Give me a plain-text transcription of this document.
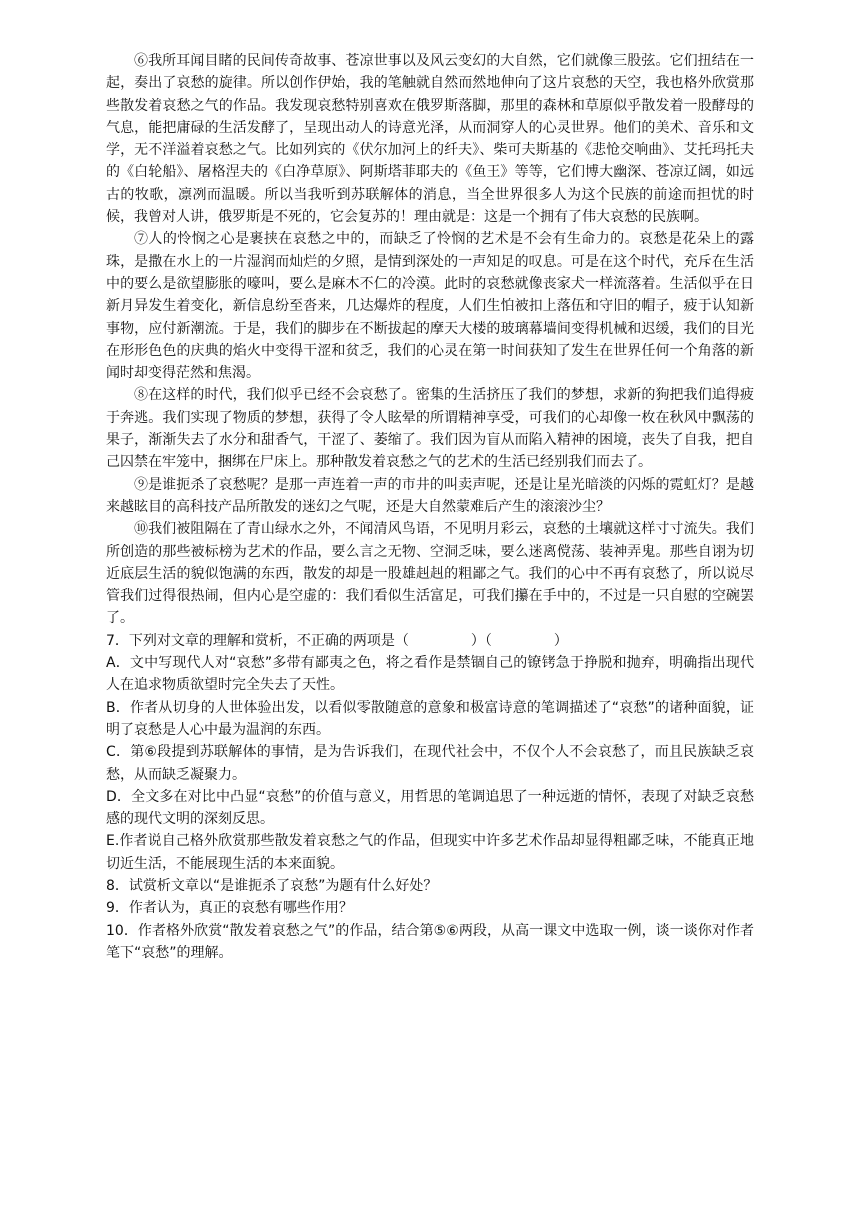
⑥我所耳闻目睹的民间传奇故事、苍凉世事以及风云变幻的大自然，它们就像三股弦。它们扭结在一起，奏出了哀愁的旋律。所以创作伊始，我的笔触就自然而然地伸向了这片哀愁的天空，我也格外欣赏那些散发着哀愁之气的作品。我发现哀愁特别喜欢在俄罗斯落脚，那里的森林和草原似乎散发着一股酵母的气息，能把庸碌的生活发酵了，呈现出动人的诗意光泽，从而洞穿人的心灵世界。他们的美术、音乐和文学，无不洋溢着哀愁之气。比如列宾的《伏尔加河上的纤夫》、柴可夫斯基的《悲怆交响曲》、艾托玛托夫的《白轮船》、屠格涅夫的《白净草原》、阿斯塔菲耶夫的《鱼王》等等，它们博大幽深、苍凉辽阔，如远古的牧歌，凛冽而温暖。所以当我听到苏联解体的消息，当全世界很多人为这个民族的前途而担忧的时候，我曾对人讲，俄罗斯是不死的，它会复苏的！理由就是：这是一个拥有了伟大哀愁的民族啊。

⑦人的怜悯之心是裹挟在哀愁之中的，而缺乏了怜悯的艺术是不会有生命力的。哀愁是花朵上的露珠，是撒在水上的一片湿润而灿烂的夕照，是情到深处的一声知足的叹息。可是在这个时代，充斥在生活中的要么是欲望膨胀的嚎叫，要么是麻木不仁的冷漠。此时的哀愁就像丧家犬一样流落着。生活似乎在日新月异发生着变化，新信息纷至沓来，几达爆炸的程度，人们生怕被扣上落伍和守旧的帽子，疲于认知新事物，应付新潮流。于是，我们的脚步在不断拔起的摩天大楼的玻璃幕墙间变得机械和迟缓，我们的目光在形形色色的庆典的焰火中变得干涩和贫乏，我们的心灵在第一时间获知了发生在世界任何一个角落的新闻时却变得茫然和焦渴。

⑧在这样的时代，我们似乎已经不会哀愁了。密集的生活挤压了我们的梦想，求新的狗把我们追得疲于奔逃。我们实现了物质的梦想，获得了令人眩晕的所谓精神享受，可我们的心却像一枚在秋风中飘荡的果子，渐渐失去了水分和甜香气，干涩了、萎缩了。我们因为盲从而陷入精神的困境，丧失了自我，把自己囚禁在牢笼中，捆绑在尸床上。那种散发着哀愁之气的艺术的生活已经别我们而去了。

⑨是谁扼杀了哀愁呢？是那一声连着一声的市井的叫卖声呢，还是让星光暗淡的闪烁的霓虹灯？是越来越眩目的高科技产品所散发的迷幻之气呢，还是大自然蒙难后产生的滚滚沙尘？

⑩我们被阻隔在了青山绿水之外，不闻清风鸟语，不见明月彩云，哀愁的土壤就这样寸寸流失。我们所创造的那些被标榜为艺术的作品，要么言之无物、空洞乏味，要么迷离傥荡、装神弄鬼。那些自诩为切近底层生活的貌似饱满的东西，散发的却是一股雄赳赳的粗鄙之气。我们的心中不再有哀愁了，所以说尽管我们过得很热闹，但内心是空虚的：我们看似生活富足，可我们攥在手中的，不过是一只自慰的空碗罢了。

7．下列对文章的理解和赏析，不正确的两项是（	）（	）

A．文中写现代人对“哀愁”多带有鄙夷之色，将之看作是禁锢自己的镣铐急于挣脱和抛弃，明确指出现代人在追求物质欲望时完全失去了天性。

B．作者从切身的人世体验出发，以看似零散随意的意象和极富诗意的笔调描述了“哀愁”的诸种面貌，证明了哀愁是人心中最为温润的东西。

C．第⑥段提到苏联解体的事情，是为告诉我们，在现代社会中，不仅个人不会哀愁了，而且民族缺乏哀愁，从而缺乏凝聚力。

D．全文多在对比中凸显“哀愁”的价值与意义，用哲思的笔调追思了一种远逝的情怀，表现了对缺乏哀愁感的现代文明的深刻反思。

E.作者说自己格外欣赏那些散发着哀愁之气的作品，但现实中许多艺术作品却显得粗鄙乏味，不能真正地切近生活，不能展现生活的本来面貌。

8．试赏析文章以“是谁扼杀了哀愁”为题有什么好处？

9．作者认为，真正的哀愁有哪些作用？

10．作者格外欣赏“散发着哀愁之气”的作品，结合第⑤⑥两段，从高一课文中选取一例，谈一谈你对作者笔下“哀愁”的理解。
